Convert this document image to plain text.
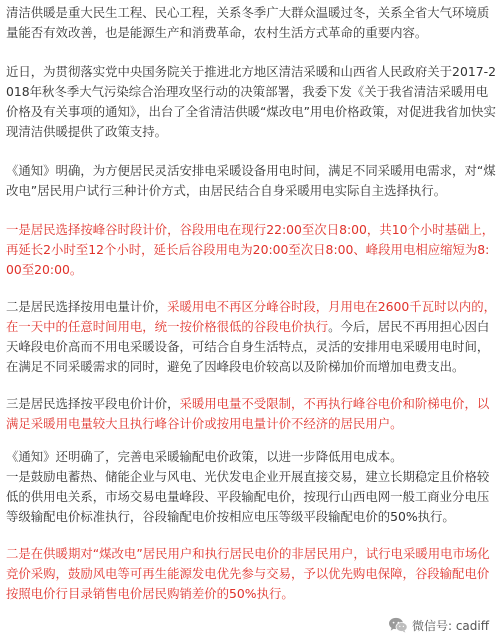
清洁供暖是重大民生工程、民心工程，关系冬季广大群众温暖过冬，关系全省大气环境质量能否有效改善，也是能源生产和消费革命，农村生活方式革命的重要内容。

近日，为贯彻落实党中央国务院关于推进北方地区清洁采暖和山西省人民政府关于2017-2018年秋冬季大气污染综合治理攻坚行动的决策部署，我委下发《关于我省清洁采暖用电价格及有关事项的通知》，出台了全省清洁供暖“煤改电”用电价格政策，对促进我省加快实现清洁供暖提供了政策支持。

《通知》明确，为方便居民灵活安排电采暖设备用电时间，满足不同采暖用电需求，对“煤改电”居民用户试行三种计价方式，由居民结合自身采暖用电实际自主选择执行。

一是居民选择按峰谷时段计价，谷段用电在现行22:00至次日8:00，共10个小时基础上，再延长2小时至12个小时，延长后谷段用电为20:00至次日8:00、峰段用电相应缩短为8:00至20:00。

二是居民选择按用电量计价，采暖用电不再区分峰谷时段，月用电在2600千瓦时以内的，在一天中的任意时间用电，统一按价格很低的谷段电价执行。今后，居民不再用担心因白天峰段电价高而不用电采暖设备，可结合自身生活特点，灵活的安排用电采暖用电时间，在满足不同采暖需求的同时，避免了因峰段电价较高以及阶梯加价而增加电费支出。

三是居民选择按平段电价计价，采暖用电量不受限制，不再执行峰谷电价和阶梯电价，以满足采暖用电量较大且执行峰谷计价或按用电量计价不经济的居民用户。

《通知》还明确了，完善电采暖输配电价政策，以进一步降低用电成本。

一是鼓励电蓄热、储能企业与风电、光伏发电企业开展直接交易，建立长期稳定且价格较低的供用电关系，市场交易电量峰段、平段输配电价，按现行山西电网一般工商业分电压等级输配电价标准执行，谷段输配电价按相应电压等级平段输配电价的50%执行。

二是在供暖期对“煤改电”居民用户和执行居民电价的非居民用户，试行电采暖用电市场化竞价采购，鼓励风电等可再生能源发电优先参与交易，予以优先购电保障，谷段输配电价按照电价行目录销售电价居民购销差价的50%执行。

微信号: cadiff
